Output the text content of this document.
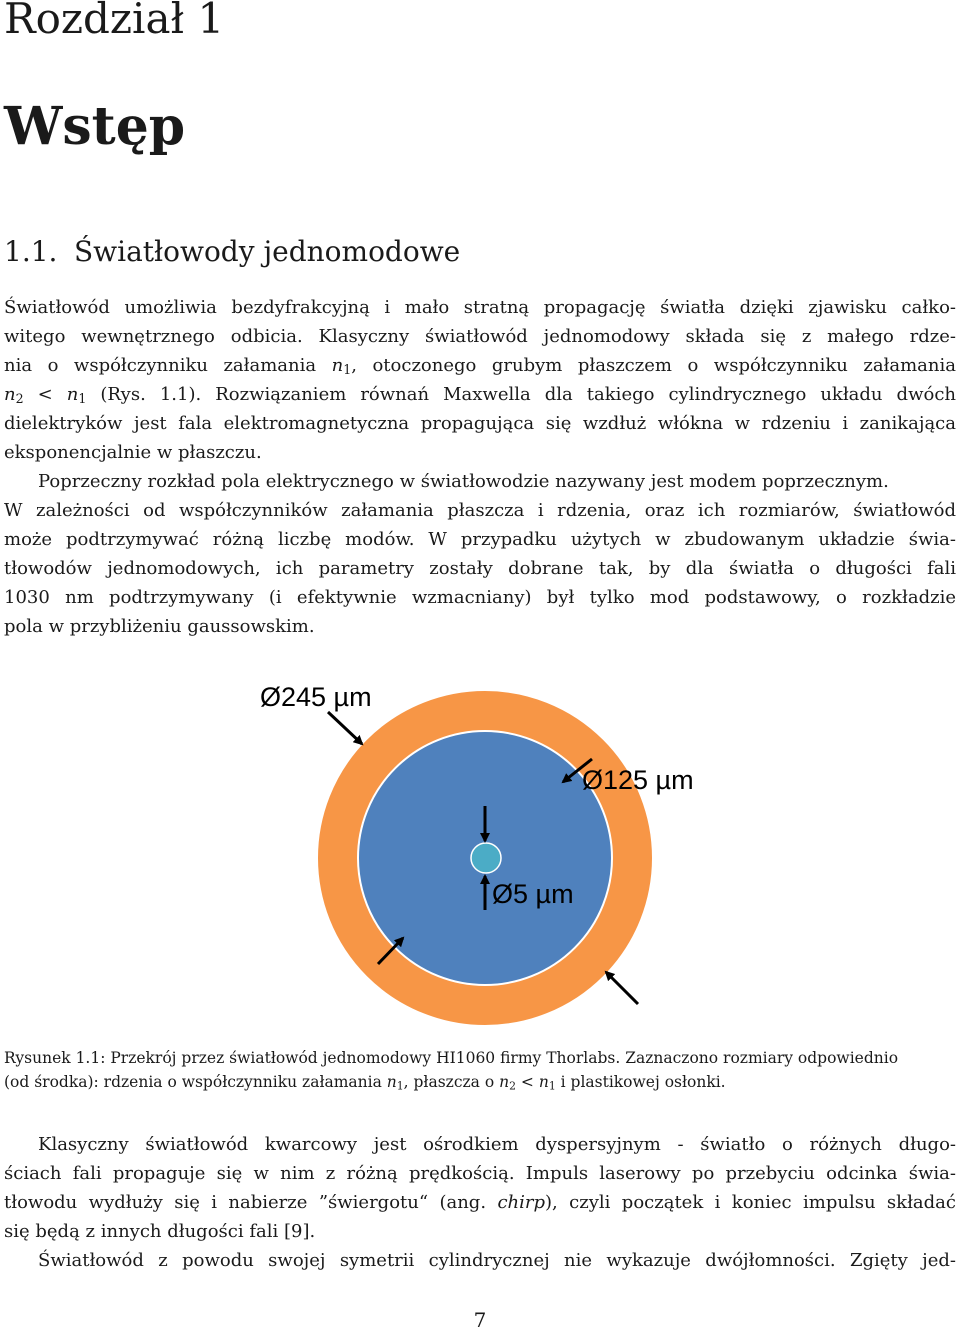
Rozdział 1
Wstęp
1.1. Światłowody jednomodowe

Światłowód umożliwia bezdyfrakcyjną i mało stratną propagację światła dzięki zjawisku całko-
witego wewnętrznego odbicia. Klasyczny światłowód jednomodowy składa się z małego rdze-
nia o współczynniku załamania $n_1$, otoczonego grubym płaszczem o współczynniku załamania
$n_2 < n_1$ (Rys. 1.1). Rozwiązaniem równań Maxwella dla takiego cylindrycznego układu dwóch
dielektryków jest fala elektromagnetyczna propagująca się wzdłuż włókna w rdzeniu i zanikająca
eksponencjalnie w płaszczu.

Poprzeczny rozkład pola elektrycznego w światłowodzie nazywany jest modem poprzecznym.
W zależności od współczynników załamania płaszcza i rdzenia, oraz ich rozmiarów, światłowód
może podtrzymywać różną liczbę modów. W przypadku użytych w zbudowanym układzie świa-
tłowodów jednomodowych, ich parametry zostały dobrane tak, by dla światła o długości fali
1030 nm podtrzymywany (i efektywnie wzmacniany) był tylko mod podstawowy, o rozkładzie
pola w przybliżeniu gaussowskim.

Ø245 µm
Ø125 µm
Ø5 µm

Rysunek 1.1: Przekrój przez światłowód jednomodowy HI1060 firmy Thorlabs. Zaznaczono rozmiary odpowiednio
(od środka): rdzenia o współczynniku załamania $n_1$, płaszcza o $n_2 < n_1$ i plastikowej osłonki.

Klasyczny światłowód kwarcowy jest ośrodkiem dyspersyjnym - światło o różnych długo-
ściach fali propaguje się w nim z różną prędkością. Impuls laserowy po przebyciu odcinka świa-
tłowodu wydłuży się i nabierze ”świergotu“ (ang. chirp), czyli początek i koniec impulsu składać
się będą z innych długości fali [9].

Światłowód z powodu swojej symetrii cylindrycznej nie wykazuje dwójłomności. Zgięty jed-

7
